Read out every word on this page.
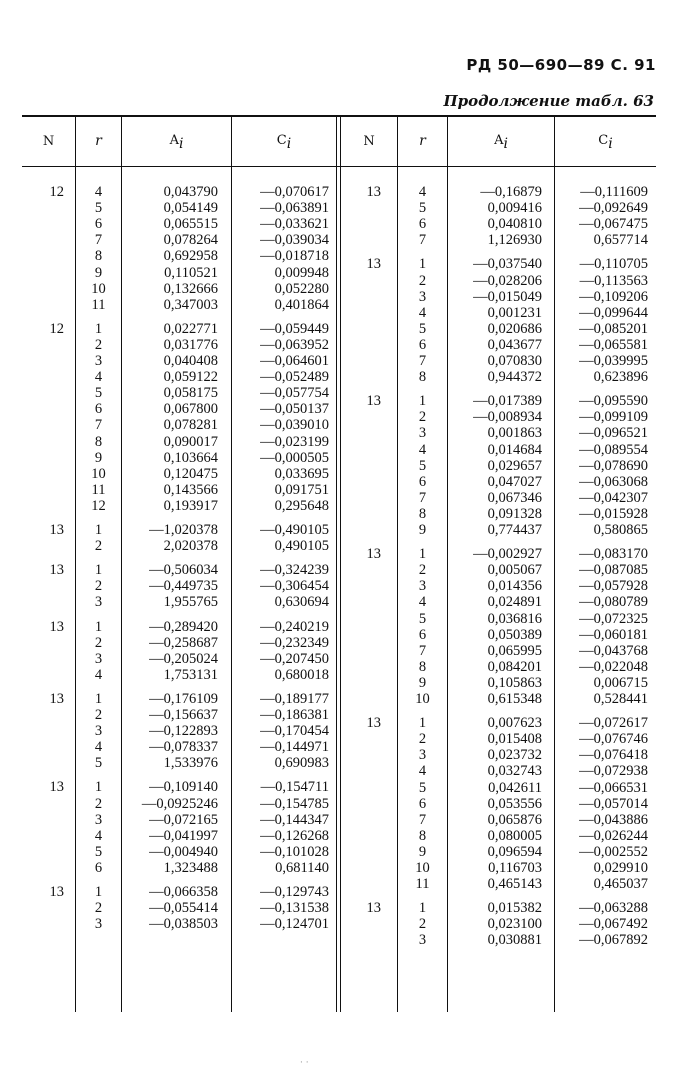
РД 50—690—89 С. 91
Продолжение табл. 63
N	r	$A_i$	$C_i$	N	r	$A_i$	$C_i$
12	4	0,043790	—0,070617
5	0,054149	—0,063891
6	0,065515	—0,033621
7	0,078264	—0,039034
8	0,692958	—0,018718
9	0,110521	0,009948
10	0,132666	0,052280
11	0,347003	0,401864
12	1	0,022771	—0,059449
2	0,031776	—0,063952
3	0,040408	—0,064601
4	0,059122	—0,052489
5	0,058175	—0,057754
6	0,067800	—0,050137
7	0,078281	—0,039010
8	0,090017	—0,023199
9	0,103664	—0,000505
10	0,120475	0,033695
11	0,143566	0,091751
12	0,193917	0,295648
13	1	—1,020378	—0,490105
2	2,020378	0,490105
13	1	—0,506034	—0,324239
2	—0,449735	—0,306454
3	1,955765	0,630694
13	1	—0,289420	—0,240219
2	—0,258687	—0,232349
3	—0,205024	—0,207450
4	1,753131	0,680018
13	1	—0,176109	—0,189177
2	—0,156637	—0,186381
3	—0,122893	—0,170454
4	—0,078337	—0,144971
5	1,533976	0,690983
13	1	—0,109140	—0,154711
2	—0,0925246	—0,154785
3	—0,072165	—0,144347
4	—0,041997	—0,126268
5	—0,004940	—0,101028
6	1,323488	0,681140
13	1	—0,066358	—0,129743
2	—0,055414	—0,131538
3	—0,038503	—0,124701
13	4	—0,16879	—0,111609
5	0,009416	—0,092649
6	0,040810	—0,067475
7	1,126930	0,657714
13	1	—0,037540	—0,110705
2	—0,028206	—0,113563
3	—0,015049	—0,109206
4	0,001231	—0,099644
5	0,020686	—0,085201
6	0,043677	—0,065581
7	0,070830	—0,039995
8	0,944372	0,623896
13	1	—0,017389	—0,095590
2	—0,008934	—0,099109
3	0,001863	—0,096521
4	0,014684	—0,089554
5	0,029657	—0,078690
6	0,047027	—0,063068
7	0,067346	—0,042307
8	0,091328	—0,015928
9	0,774437	0,580865
13	1	—0,002927	—0,083170
2	0,005067	—0,087085
3	0,014356	—0,057928
4	0,024891	—0,080789
5	0,036816	—0,072325
6	0,050389	—0,060181
7	0,065995	—0,043768
8	0,084201	—0,022048
9	0,105863	0,006715
10	0,615348	0,528441
13	1	0,007623	—0,072617
2	0,015408	—0,076746
3	0,023732	—0,076418
4	0,032743	—0,072938
5	0,042611	—0,066531
6	0,053556	—0,057014
7	0,065876	—0,043886
8	0,080005	—0,026244
9	0,096594	—0,002552
10	0,116703	0,029910
11	0,465143	0,465037
13	1	0,015382	—0,063288
2	0,023100	—0,067492
3	0,030881	—0,067892
· ·
